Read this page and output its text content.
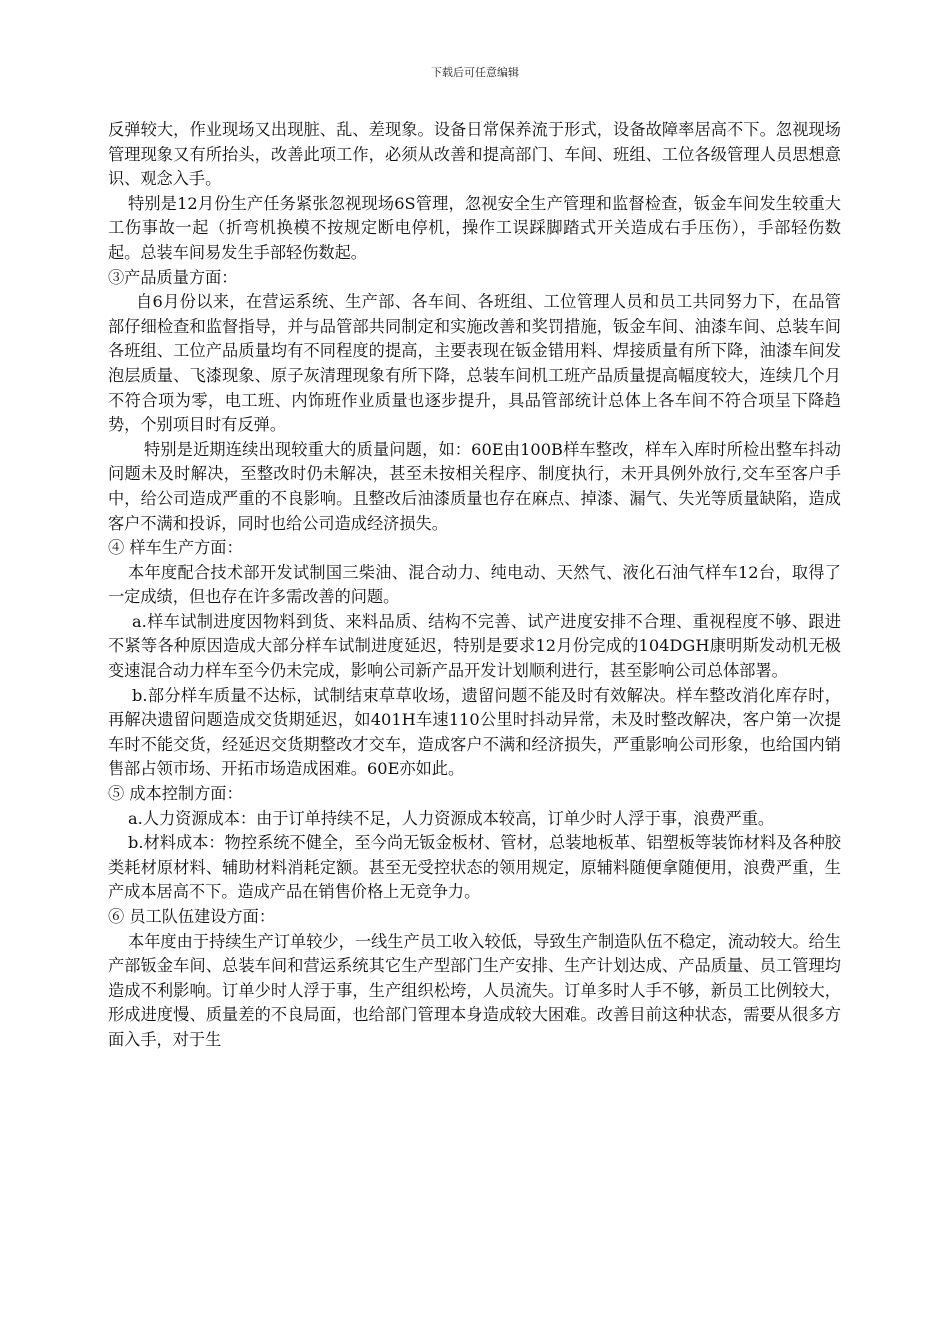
下载后可任意编辑

反弹较大，作业现场又出现脏、乱、差现象。设备日常保养流于形式，设备故障率居高不下。忽视现场管理现象又有所抬头，改善此项工作，必须从改善和提高部门、车间、班组、工位各级管理人员思想意识、观念入手。

特别是12月份生产任务紧张忽视现场6S管理，忽视安全生产管理和监督检查，钣金车间发生较重大工伤事故一起（折弯机换模不按规定断电停机，操作工误踩脚踏式开关造成右手压伤），手部轻伤数起。总装车间易发生手部轻伤数起。

③产品质量方面：

自6月份以来，在营运系统、生产部、各车间、各班组、工位管理人员和员工共同努力下，在品管部仔细检查和监督指导，并与品管部共同制定和实施改善和奖罚措施，钣金车间、油漆车间、总装车间各班组、工位产品质量均有不同程度的提高，主要表现在钣金错用料、焊接质量有所下降，油漆车间发泡层质量、飞漆现象、原子灰清理现象有所下降，总装车间机工班产品质量提高幅度较大，连续几个月不符合项为零，电工班、内饰班作业质量也逐步提升，具品管部统计总体上各车间不符合项呈下降趋势，个别项目时有反弹。

特别是近期连续出现较重大的质量问题，如：60E由100B样车整改，样车入库时所检出整车抖动问题未及时解决，至整改时仍未解决，甚至未按相关程序、制度执行，未开具例外放行,交车至客户手中，给公司造成严重的不良影响。且整改后油漆质量也存在麻点、掉漆、漏气、失光等质量缺陷，造成客户不满和投诉，同时也给公司造成经济损失。

④ 样车生产方面：

本年度配合技术部开发试制国三柴油、混合动力、纯电动、天然气、液化石油气样车12台，取得了一定成绩，但也存在许多需改善的问题。

a.样车试制进度因物料到货、来料品质、结构不完善、试产进度安排不合理、重视程度不够、跟进不紧等各种原因造成大部分样车试制进度延迟，特别是要求12月份完成的104DGH康明斯发动机无极变速混合动力样车至今仍未完成，影响公司新产品开发计划顺利进行，甚至影响公司总体部署。

b.部分样车质量不达标，试制结束草草收场，遗留问题不能及时有效解决。样车整改消化库存时，再解决遗留问题造成交货期延迟，如401H车速110公里时抖动异常，未及时整改解决，客户第一次提车时不能交货，经延迟交货期整改才交车，造成客户不满和经济损失，严重影响公司形象，也给国内销售部占领市场、开拓市场造成困难。60E亦如此。

⑤ 成本控制方面：

a.人力资源成本：由于订单持续不足，人力资源成本较高，订单少时人浮于事，浪费严重。

b.材料成本：物控系统不健全，至今尚无钣金板材、管材，总装地板革、铝塑板等装饰材料及各种胶类耗材原材料、辅助材料消耗定额。甚至无受控状态的领用规定，原辅料随便拿随便用，浪费严重，生产成本居高不下。造成产品在销售价格上无竞争力。

⑥ 员工队伍建设方面：

本年度由于持续生产订单较少，一线生产员工收入较低，导致生产制造队伍不稳定，流动较大。给生产部钣金车间、总装车间和营运系统其它生产型部门生产安排、生产计划达成、产品质量、员工管理均造成不利影响。订单少时人浮于事，生产组织松垮，人员流失。订单多时人手不够，新员工比例较大，形成进度慢、质量差的不良局面，也给部门管理本身造成较大困难。改善目前这种状态，需要从很多方面入手，对于生
